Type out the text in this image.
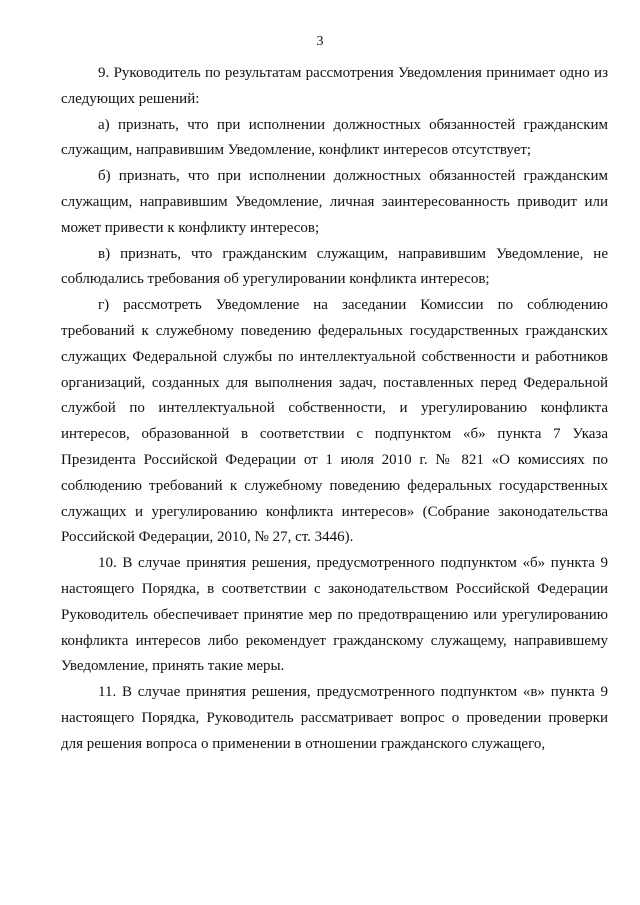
3

9. Руководитель по результатам рассмотрения Уведомления принимает одно из следующих решений:

а) признать, что при исполнении должностных обязанностей гражданским служащим, направившим Уведомление, конфликт интересов отсутствует;

б) признать, что при исполнении должностных обязанностей гражданским служащим, направившим Уведомление, личная заинтересованность приводит или может привести к конфликту интересов;

в) признать, что гражданским служащим, направившим Уведомление, не соблюдались требования об урегулировании конфликта интересов;

г) рассмотреть Уведомление на заседании Комиссии по соблюдению требований к служебному поведению федеральных государственных гражданских служащих Федеральной службы по интеллектуальной собственности и работников организаций, созданных для выполнения задач, поставленных перед Федеральной службой по интеллектуальной собственности, и урегулированию конфликта интересов, образованной в соответствии с подпунктом «б» пункта 7 Указа Президента Российской Федерации от 1 июля 2010 г. № 821 «О комиссиях по соблюдению требований к служебному поведению федеральных государственных служащих и урегулированию конфликта интересов» (Собрание законодательства Российской Федерации, 2010, № 27, ст. 3446).

10. В случае принятия решения, предусмотренного подпунктом «б» пункта 9 настоящего Порядка, в соответствии с законодательством Российской Федерации Руководитель обеспечивает принятие мер по предотвращению или урегулированию конфликта интересов либо рекомендует гражданскому служащему, направившему Уведомление, принять такие меры.

11. В случае принятия решения, предусмотренного подпунктом «в» пункта 9 настоящего Порядка, Руководитель рассматривает вопрос о проведении проверки для решения вопроса о применении в отношении гражданского служащего,
